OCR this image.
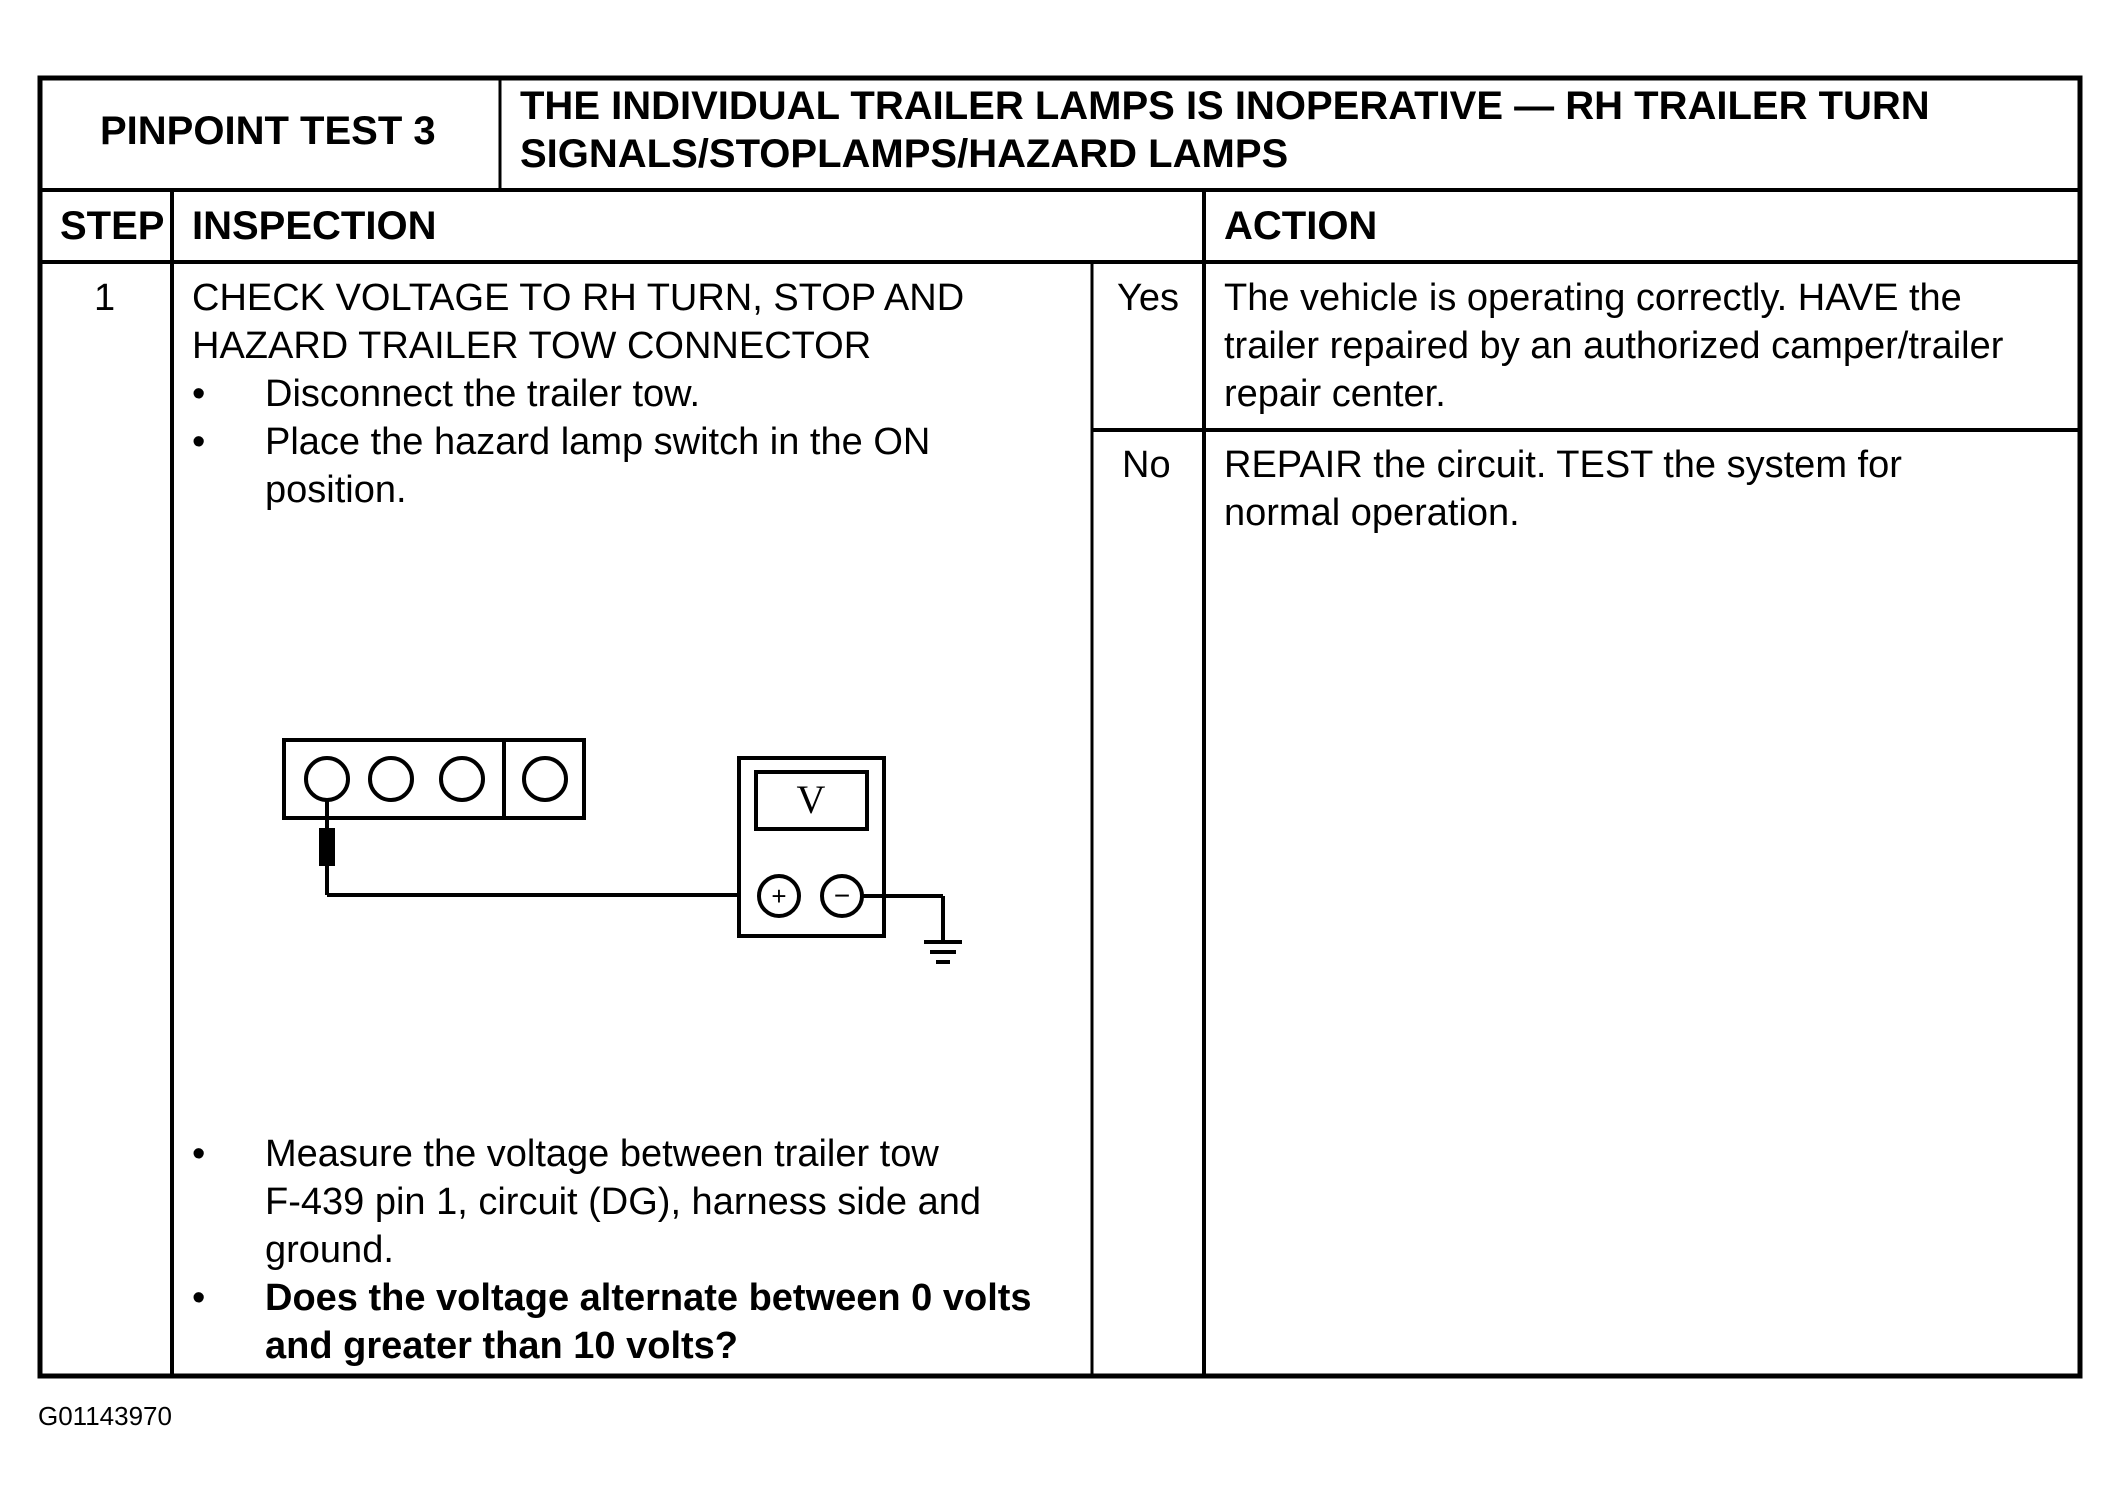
PINPOINT TEST 3
THE INDIVIDUAL TRAILER LAMPS IS INOPERATIVE — RH TRAILER TURN
SIGNALS/STOPLAMPS/HAZARD LAMPS
STEP INSPECTION	ACTION
1 CHECK VOLTAGE TO RH TURN, STOP AND
HAZARD TRAILER TOW CONNECTOR
• Disconnect the trailer tow.
• Place the hazard lamp switch in the ON
position.
V
+ −
• Measure the voltage between trailer tow
F-439 pin 1, circuit (DG), harness side and
ground.
• Does the voltage alternate between 0 volts
and greater than 10 volts?
Yes The vehicle is operating correctly. HAVE the
trailer repaired by an authorized camper/trailer
repair center.
No REPAIR the circuit. TEST the system for
normal operation.
G01143970
